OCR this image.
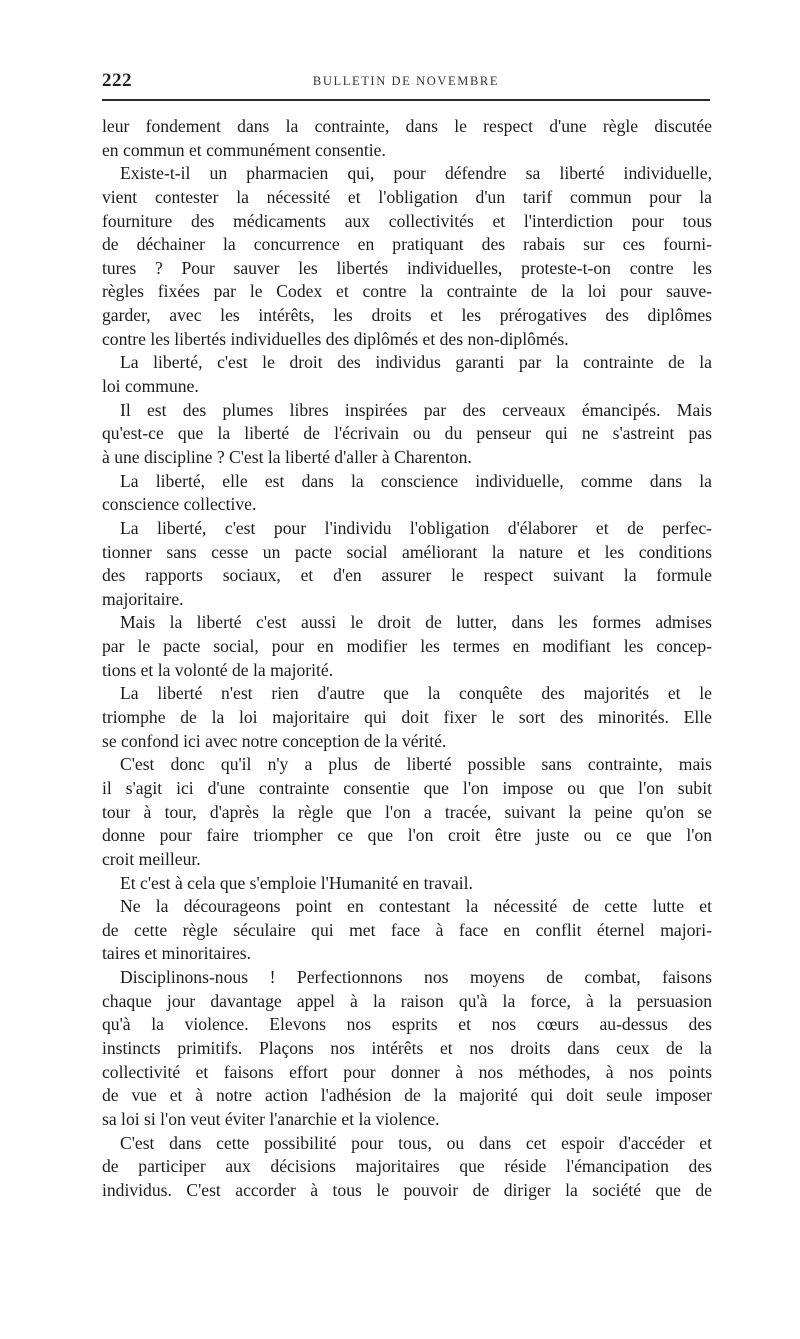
222	BULLETIN DE NOVEMBRE
leur fondement dans la contrainte, dans le respect d'une règle discutée
en commun et communément consentie.
Existe-t-il un pharmacien qui, pour défendre sa liberté individuelle,
vient contester la nécessité et l'obligation d'un tarif commun pour la
fourniture des médicaments aux collectivités et l'interdiction pour tous
de déchainer la concurrence en pratiquant des rabais sur ces fourni-
tures ? Pour sauver les libertés individuelles, proteste-t-on contre les
règles fixées par le Codex et contre la contrainte de la loi pour sauve-
garder, avec les intérêts, les droits et les prérogatives des diplômes
contre les libertés individuelles des diplômés et des non-diplômés.
La liberté, c'est le droit des individus garanti par la contrainte de la
loi commune.
Il est des plumes libres inspirées par des cerveaux émancipés. Mais
qu'est-ce que la liberté de l'écrivain ou du penseur qui ne s'astreint pas
à une discipline ? C'est la liberté d'aller à Charenton.
La liberté, elle est dans la conscience individuelle, comme dans la
conscience collective.
La liberté, c'est pour l'individu l'obligation d'élaborer et de perfec-
tionner sans cesse un pacte social améliorant la nature et les conditions
des rapports sociaux, et d'en assurer le respect suivant la formule
majoritaire.
Mais la liberté c'est aussi le droit de lutter, dans les formes admises
par le pacte social, pour en modifier les termes en modifiant les concep-
tions et la volonté de la majorité.
La liberté n'est rien d'autre que la conquête des majorités et le
triomphe de la loi majoritaire qui doit fixer le sort des minorités. Elle
se confond ici avec notre conception de la vérité.
C'est donc qu'il n'y a plus de liberté possible sans contrainte, mais
il s'agit ici d'une contrainte consentie que l'on impose ou que l'on subit
tour à tour, d'après la règle que l'on a tracée, suivant la peine qu'on se
donne pour faire triompher ce que l'on croit être juste ou ce que l'on
croit meilleur.
Et c'est à cela que s'emploie l'Humanité en travail.
Ne la décourageons point en contestant la nécessité de cette lutte et
de cette règle séculaire qui met face à face en conflit éternel majori-
taires et minoritaires.
Disciplinons-nous ! Perfectionnons nos moyens de combat, faisons
chaque jour davantage appel à la raison qu'à la force, à la persuasion
qu'à la violence. Elevons nos esprits et nos cœurs au-dessus des
instincts primitifs. Plaçons nos intérêts et nos droits dans ceux de la
collectivité et faisons effort pour donner à nos méthodes, à nos points
de vue et à notre action l'adhésion de la majorité qui doit seule imposer
sa loi si l'on veut éviter l'anarchie et la violence.
C'est dans cette possibilité pour tous, ou dans cet espoir d'accéder et
de participer aux décisions majoritaires que réside l'émancipation des
individus. C'est accorder à tous le pouvoir de diriger la société que de
